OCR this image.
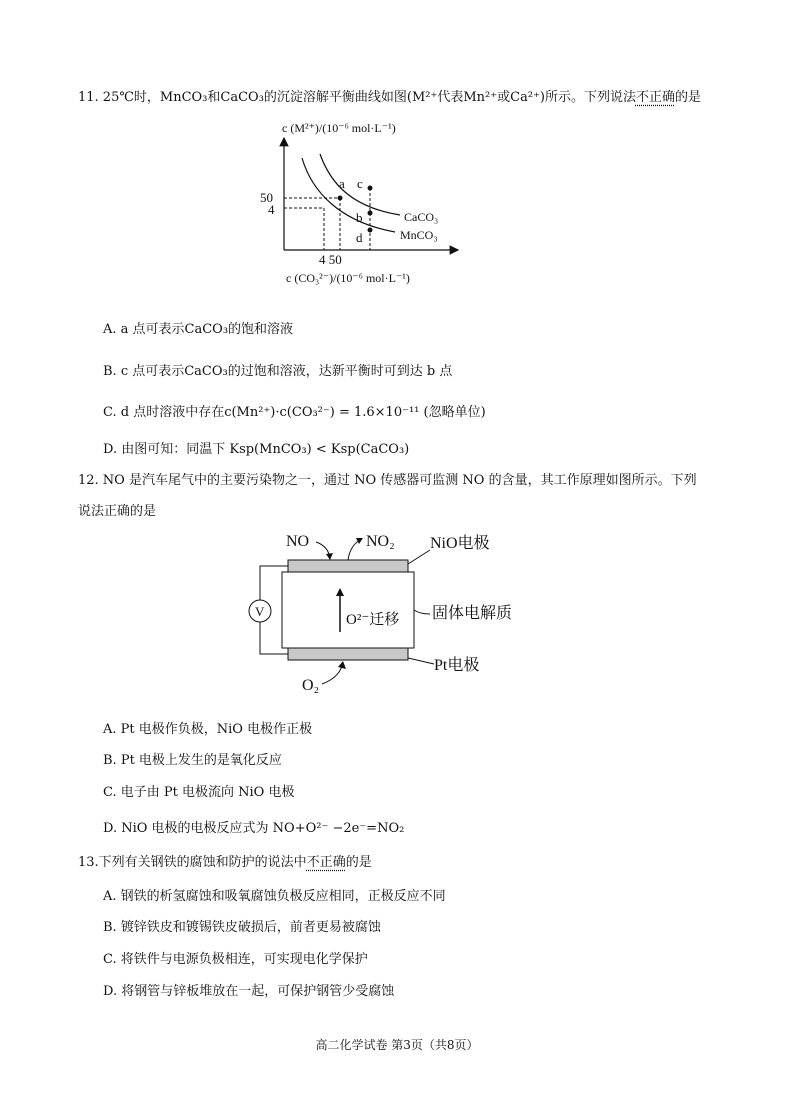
11. 25℃时，MnCO₃和CaCO₃的沉淀溶解平衡曲线如图(M²⁺代表Mn²⁺或Ca²⁺)所示。下列说法不正确的是
c (M²⁺)/(10⁻⁶ mol·L⁻¹)
a c
b
d
CaCO₃
MnCO₃
50
4
4 50
c (CO₃²⁻)/(10⁻⁶ mol·L⁻¹)
A. a 点可表示CaCO₃的饱和溶液
B. c 点可表示CaCO₃的过饱和溶液，达新平衡时可到达 b 点
C. d 点时溶液中存在c(Mn²⁺)·c(CO₃²⁻) = 1.6×10⁻¹¹ (忽略单位)
D. 由图可知：同温下 Ksp(MnCO₃) < Ksp(CaCO₃)
12. NO 是汽车尾气中的主要污染物之一，通过 NO 传感器可监测 NO 的含量，其工作原理如图所示。下列
说法正确的是
V
NO	NO₂ NiO电极
固体电解质
Pt电极
O²⁻迁移
O₂
A. Pt 电极作负极，NiO 电极作正极
B. Pt 电极上发生的是氧化反应
C. 电子由 Pt 电极流向 NiO 电极
D. NiO 电极的电极反应式为 NO+O²⁻ −2e⁻=NO₂
13.下列有关钢铁的腐蚀和防护的说法中不正确的是
A. 钢铁的析氢腐蚀和吸氧腐蚀负极反应相同，正极反应不同
B. 镀锌铁皮和镀锡铁皮破损后，前者更易被腐蚀
C. 将铁件与电源负极相连，可实现电化学保护
D. 将钢管与锌板堆放在一起，可保护钢管少受腐蚀
高二化学试卷 第3页（共8页）
